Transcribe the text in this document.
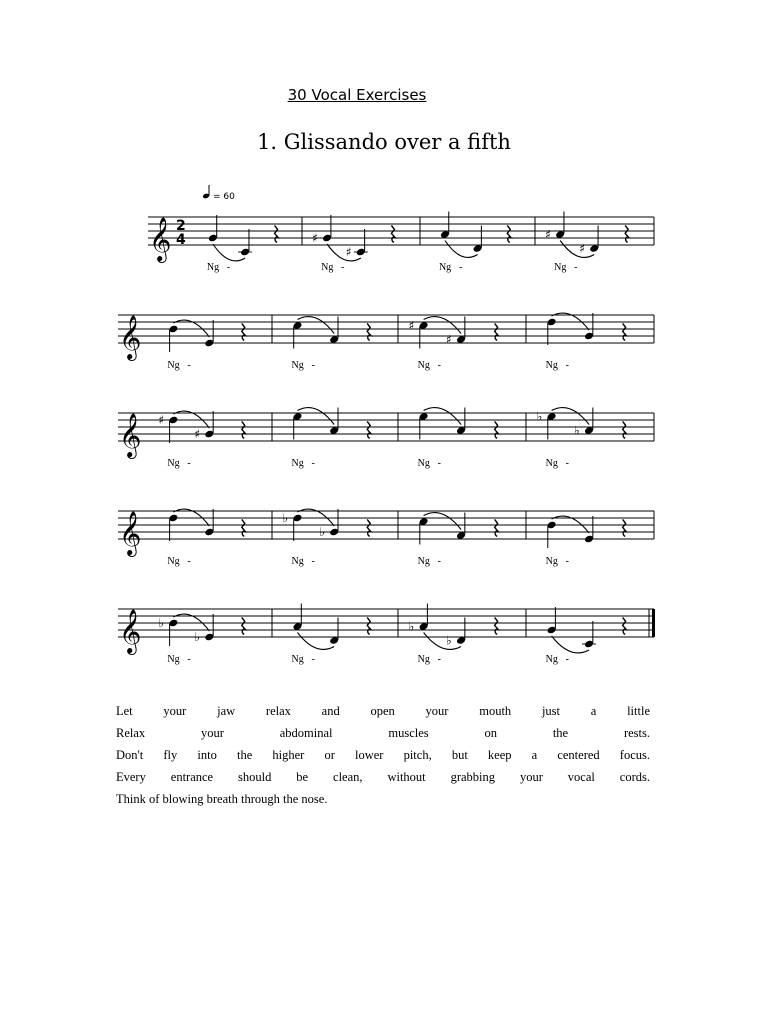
30 Vocal Exercises
1. Glissando over a fifth
= 60
𝄞 2
4
Ng -
♯
♯
Ng -	Ng -
♯
♯
Ng -
𝄞
Ng -	Ng -
♯
♯
Ng -	Ng -
𝄞 ♯
♯
Ng -	Ng -	Ng -
♭
♭
Ng -
𝄞
Ng -
♭
♭
Ng -	Ng -	Ng -
𝄞 ♭
♭
Ng -	Ng -
♭
♭
Ng -	Ng -
Let your jaw relax and open your mouth just a little
Relax your abdominal muscles on the rests.
Don't fly into the higher or lower pitch, but keep a centered focus.
Every entrance should be clean, without grabbing your vocal cords.
Think of blowing breath through the nose.
